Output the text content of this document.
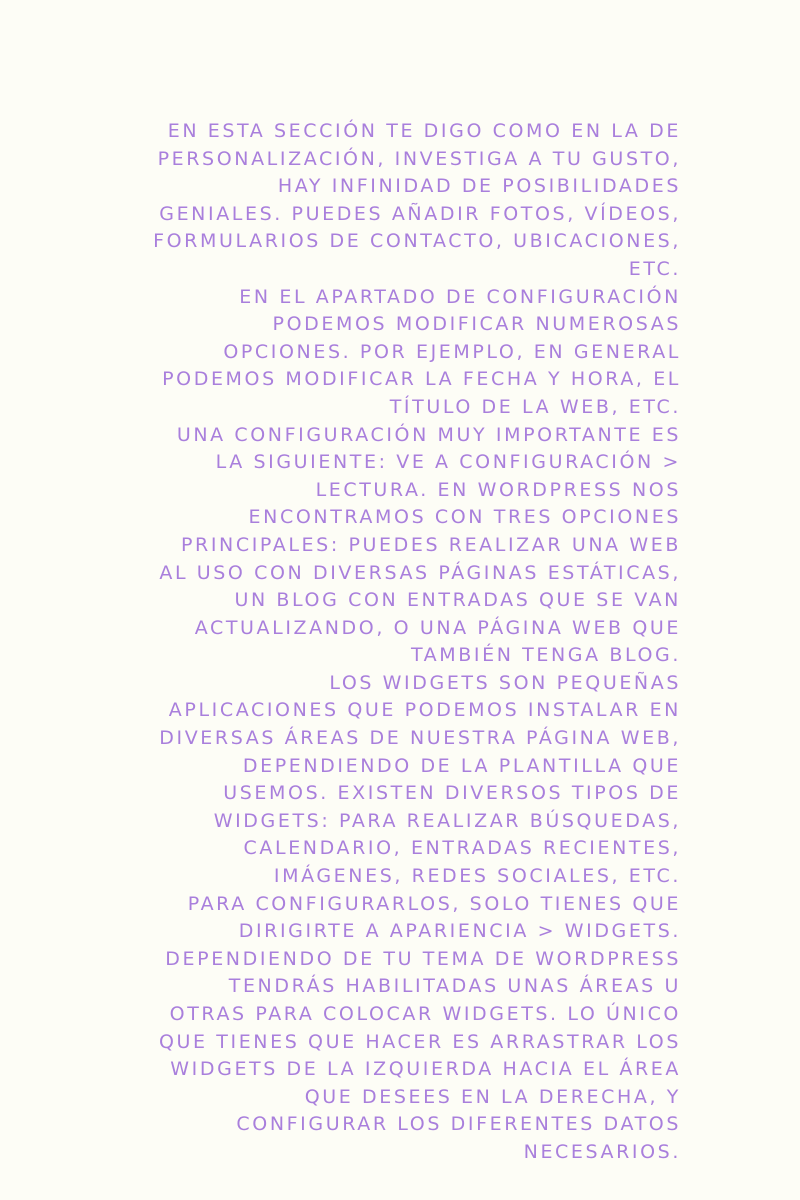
EN ESTA SECCIÓN TE DIGO COMO EN LA DE
PERSONALIZACIÓN, INVESTIGA A TU GUSTO,
HAY INFINIDAD DE POSIBILIDADES
GENIALES. PUEDES AÑADIR FOTOS, VÍDEOS,
FORMULARIOS DE CONTACTO, UBICACIONES,
ETC.
EN EL APARTADO DE CONFIGURACIÓN
PODEMOS MODIFICAR NUMEROSAS
OPCIONES. POR EJEMPLO, EN GENERAL
PODEMOS MODIFICAR LA FECHA Y HORA, EL
TÍTULO DE LA WEB, ETC.
UNA CONFIGURACIÓN MUY IMPORTANTE ES
LA SIGUIENTE: VE A CONFIGURACIÓN >
LECTURA. EN WORDPRESS NOS
ENCONTRAMOS CON TRES OPCIONES
PRINCIPALES: PUEDES REALIZAR UNA WEB
AL USO CON DIVERSAS PÁGINAS ESTÁTICAS,
UN BLOG CON ENTRADAS QUE SE VAN
ACTUALIZANDO, O UNA PÁGINA WEB QUE
TAMBIÉN TENGA BLOG.
LOS WIDGETS SON PEQUEÑAS
APLICACIONES QUE PODEMOS INSTALAR EN
DIVERSAS ÁREAS DE NUESTRA PÁGINA WEB,
DEPENDIENDO DE LA PLANTILLA QUE
USEMOS. EXISTEN DIVERSOS TIPOS DE
WIDGETS: PARA REALIZAR BÚSQUEDAS,
CALENDARIO, ENTRADAS RECIENTES,
IMÁGENES, REDES SOCIALES, ETC.
PARA CONFIGURARLOS, SOLO TIENES QUE
DIRIGIRTE A APARIENCIA > WIDGETS.
DEPENDIENDO DE TU TEMA DE WORDPRESS
TENDRÁS HABILITADAS UNAS ÁREAS U
OTRAS PARA COLOCAR WIDGETS. LO ÚNICO
QUE TIENES QUE HACER ES ARRASTRAR LOS
WIDGETS DE LA IZQUIERDA HACIA EL ÁREA
QUE DESEES EN LA DERECHA, Y
CONFIGURAR LOS DIFERENTES DATOS
NECESARIOS.
